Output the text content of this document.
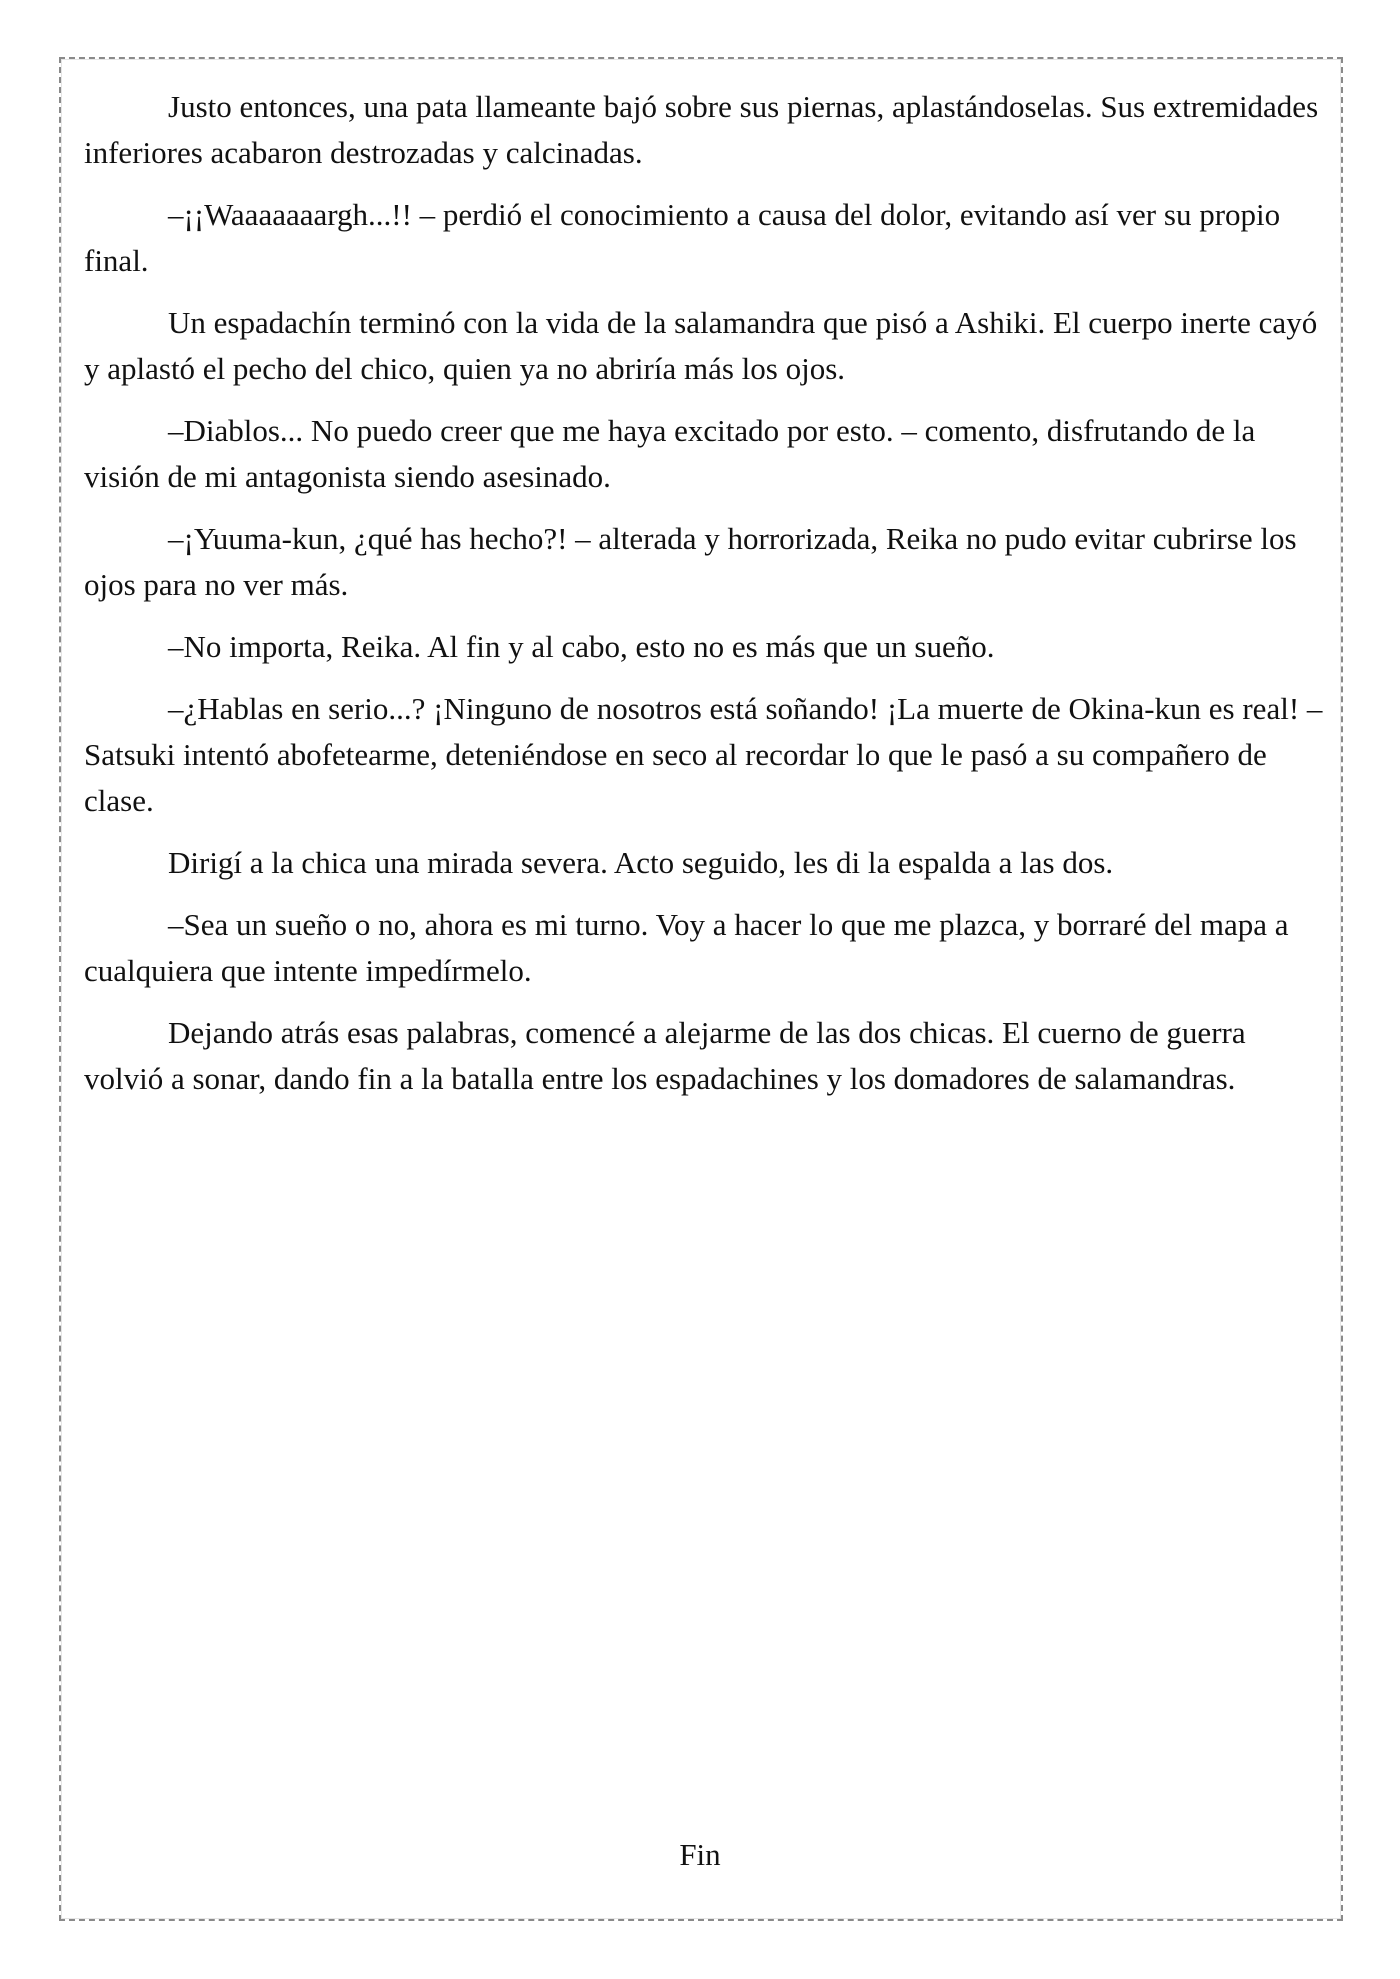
Justo entonces, una pata llameante bajó sobre sus piernas, aplastándoselas. Sus extremidades inferiores acabaron destrozadas y calcinadas.

–¡¡Waaaaaaargh...!! – perdió el conocimiento a causa del dolor, evitando así ver su propio final.

Un espadachín terminó con la vida de la salamandra que pisó a Ashiki. El cuerpo inerte cayó y aplastó el pecho del chico, quien ya no abriría más los ojos.

–Diablos... No puedo creer que me haya excitado por esto. – comento, disfrutando de la visión de mi antagonista siendo asesinado.

–¡Yuuma-kun, ¿qué has hecho?! – alterada y horrorizada, Reika no pudo evitar cubrirse los ojos para no ver más.

–No importa, Reika. Al fin y al cabo, esto no es más que un sueño.

–¿Hablas en serio...? ¡Ninguno de nosotros está soñando! ¡La muerte de Okina-kun es real! – Satsuki intentó abofetearme, deteniéndose en seco al recordar lo que le pasó a su compañero de clase.

Dirigí a la chica una mirada severa. Acto seguido, les di la espalda a las dos.

–Sea un sueño o no, ahora es mi turno. Voy a hacer lo que me plazca, y borraré del mapa a cualquiera que intente impedírmelo.

Dejando atrás esas palabras, comencé a alejarme de las dos chicas. El cuerno de guerra volvió a sonar, dando fin a la batalla entre los espadachines y los domadores de salamandras.

Fin
